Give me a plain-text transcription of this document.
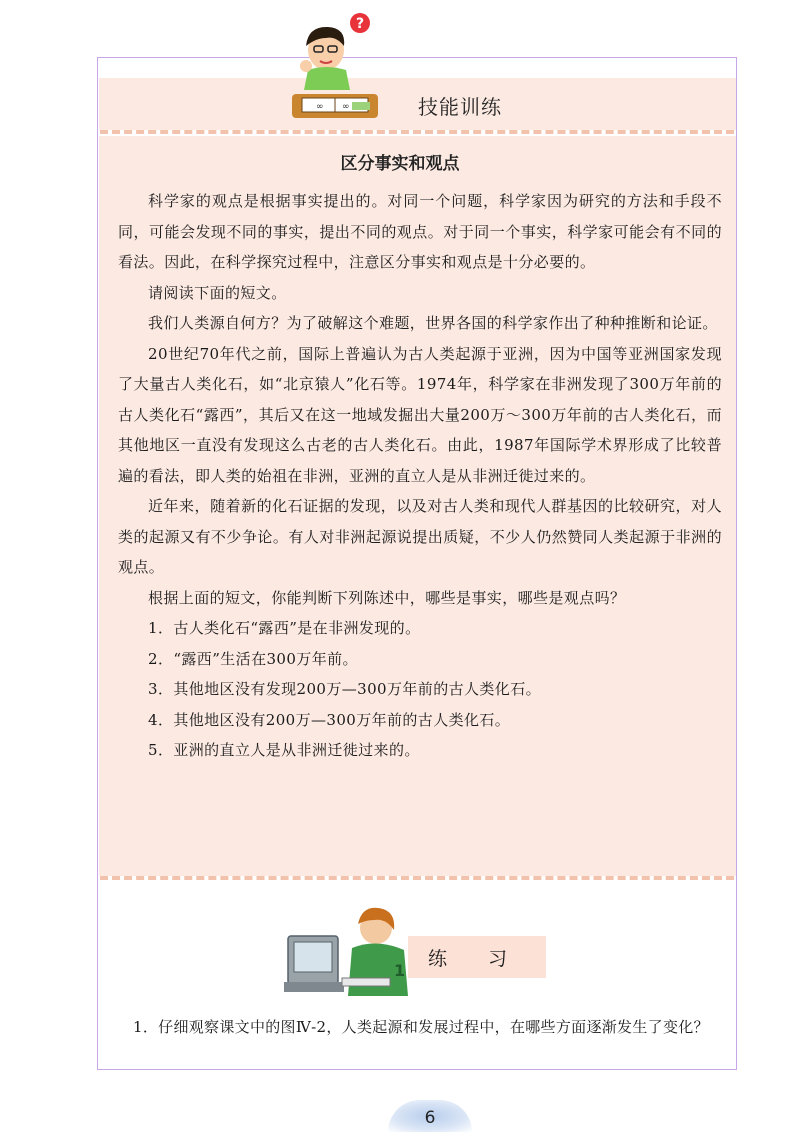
?
∞ ∞	技能训练
区分事实和观点

科学家的观点是根据事实提出的。对同一个问题，科学家因为研究的方法和手段不同，可能会发现不同的事实，提出不同的观点。对于同一个事实，科学家可能会有不同的看法。因此，在科学探究过程中，注意区分事实和观点是十分必要的。

请阅读下面的短文。

我们人类源自何方？为了破解这个难题，世界各国的科学家作出了种种推断和论证。

20世纪70年代之前，国际上普遍认为古人类起源于亚洲，因为中国等亚洲国家发现了大量古人类化石，如“北京猿人”化石等。1974年，科学家在非洲发现了300万年前的古人类化石“露西”，其后又在这一地域发掘出大量200万～300万年前的古人类化石，而其他地区一直没有发现这么古老的古人类化石。由此，1987年国际学术界形成了比较普遍的看法，即人类的始祖在非洲，亚洲的直立人是从非洲迁徙过来的。

近年来，随着新的化石证据的发现，以及对古人类和现代人群基因的比较研究，对人类的起源又有不少争论。有人对非洲起源说提出质疑，不少人仍然赞同人类起源于非洲的观点。

根据上面的短文，你能判断下列陈述中，哪些是事实，哪些是观点吗？

1．古人类化石“露西”是在非洲发现的。

2．“露西”生活在300万年前。

3．其他地区没有发现200万—300万年前的古人类化石。

4．其他地区没有200万—300万年前的古人类化石。

5．亚洲的直立人是从非洲迁徙过来的。

1
练　　习

1．仔细观察课文中的图Ⅳ-2，人类起源和发展过程中，在哪些方面逐渐发生了变化？

6
